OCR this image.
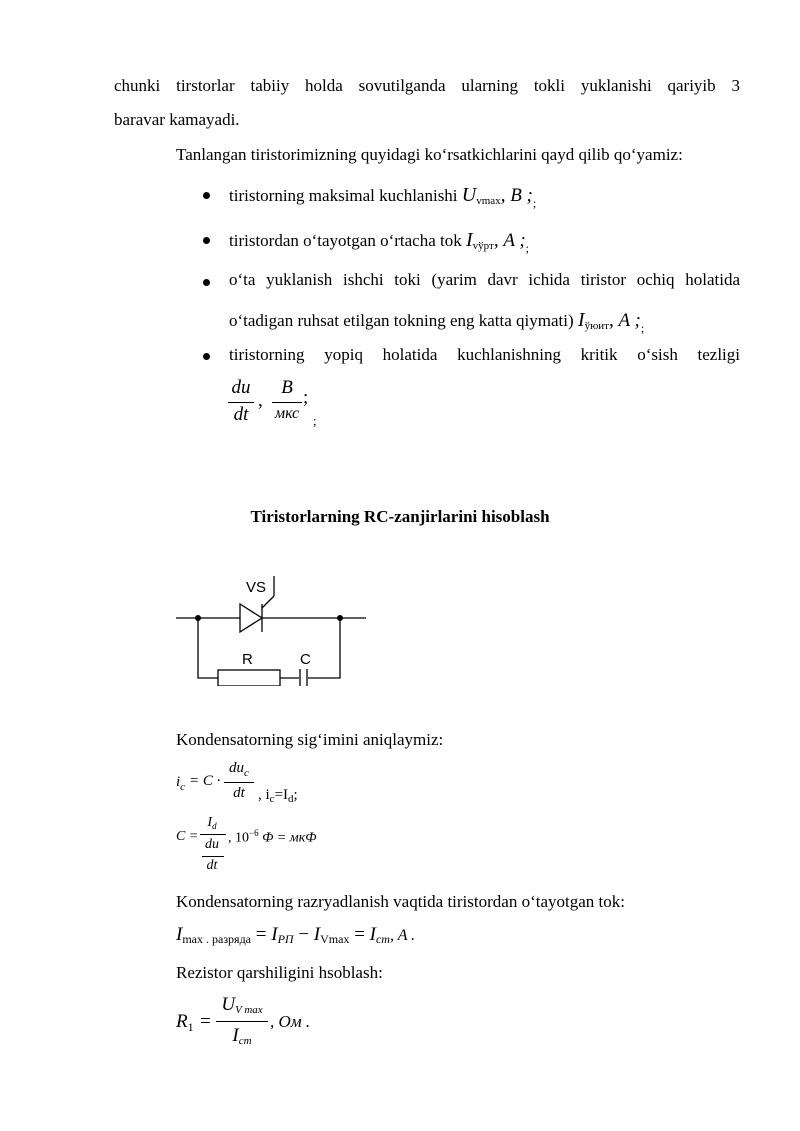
chunki tirstorlar tabiiy holda sovutilganda ularning tokli yuklanishi qariyib 3
baravar kamayadi.
Tanlangan tiristorimizning quyidagi ko‘rsatkichlarini qayd qilib qo‘yamiz:
tiristorning maksimal kuchlanishi $U_{vmax}$, B $;_;$
tiristordan o‘tayotgan o‘rtacha tok $I_{vўрт}$, A $;_;$
o‘ta yuklanish ishchi toki (yarim davr ichida tiristor ochiq holatida
o‘tadigan ruhsat etilgan tokning eng katta qiymati) $I_{ўюит}$, A $;_;$
tiristorning yopiq holatida kuchlanishning kritik o‘sish tezligi
du
dt
,
B
мкс
;
;
Tiristorlarning RC-zanjirlarini hisoblash
VS
R	C
Kondensatorning sig‘imini aniqlaymiz:
$i_c = C$ ·
$du_c$
dt , $i_c=I_d$;
C =
$I_d$
du
dt
, $10^{-6}$ Ф = мкФ
Kondensatorning razryadlanish vaqtida tiristordan o‘tayotgan tok:
$I_{max . разряда}$ = IРП − IVmax = Icm, A .
Rezistor qarshiligini hsoblash:
$R_1$ =
UV max
Icm
, Ом .
